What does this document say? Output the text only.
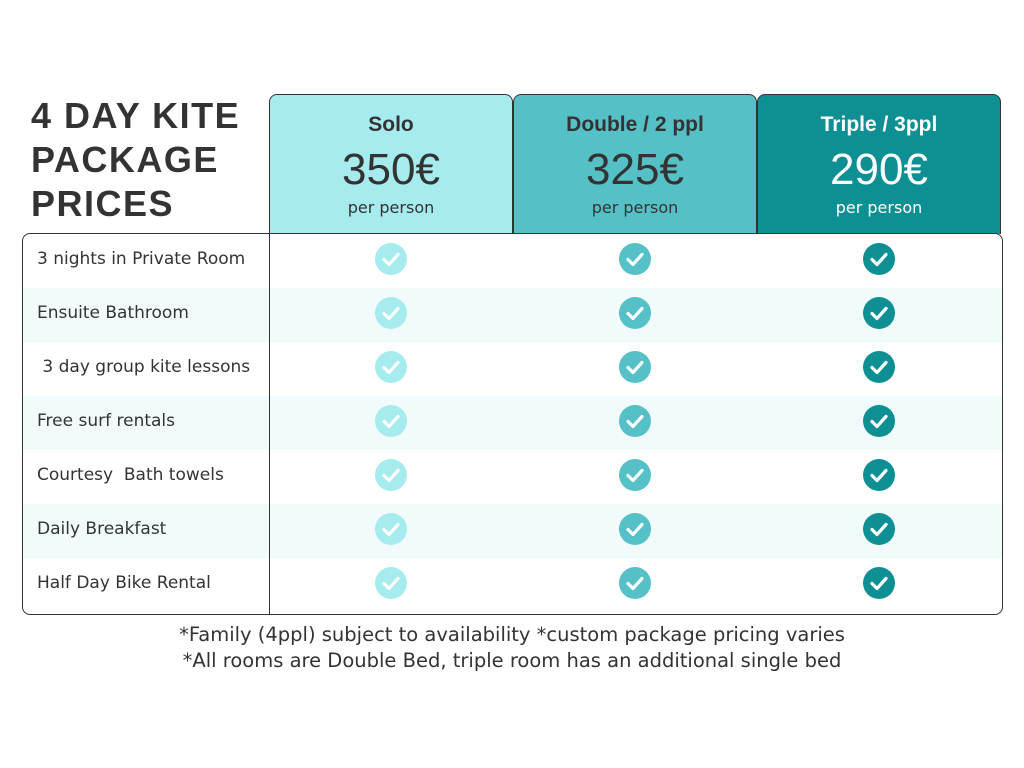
4 DAY KITE
PACKAGE
PRICES
Solo
350€
per person
Double / 2 ppl
325€
per person
Triple / 3ppl
290€
per person
3 nights in Private Room
Ensuite Bathroom
3 day group kite lessons
Free surf rentals
Courtesy  Bath towels
Daily Breakfast
Half Day Bike Rental
*Family (4ppl) subject to availability *custom package pricing varies
*All rooms are Double Bed, triple room has an additional single bed
